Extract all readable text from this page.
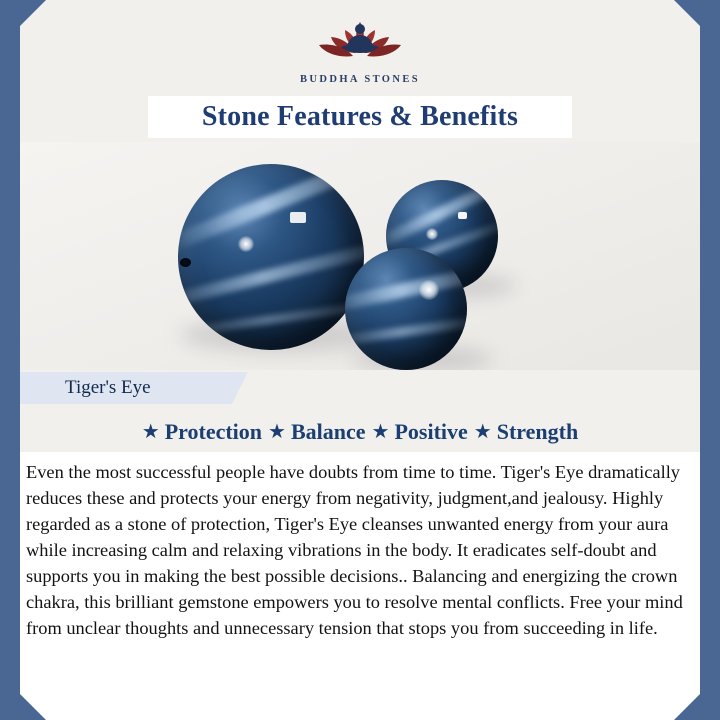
BUDDHA STONES
Stone Features & Benefits
Tiger's Eye
★ Protection ★ Balance ★ Positive ★ Strength

Even the most successful people have doubts from time to time. Tiger's Eye dramatically reduces these and protects your energy from negativity, judgment,and jealousy. Highly regarded as a stone of protection, Tiger's Eye cleanses unwanted energy from your aura while increasing calm and relaxing vibrations in the body. It eradicates self-doubt and supports you in making the best possible decisions.. Balancing and energizing the crown chakra, this brilliant gemstone empowers you to resolve mental conflicts. Free your mind from unclear thoughts and unnecessary tension that stops you from succeeding in life.
